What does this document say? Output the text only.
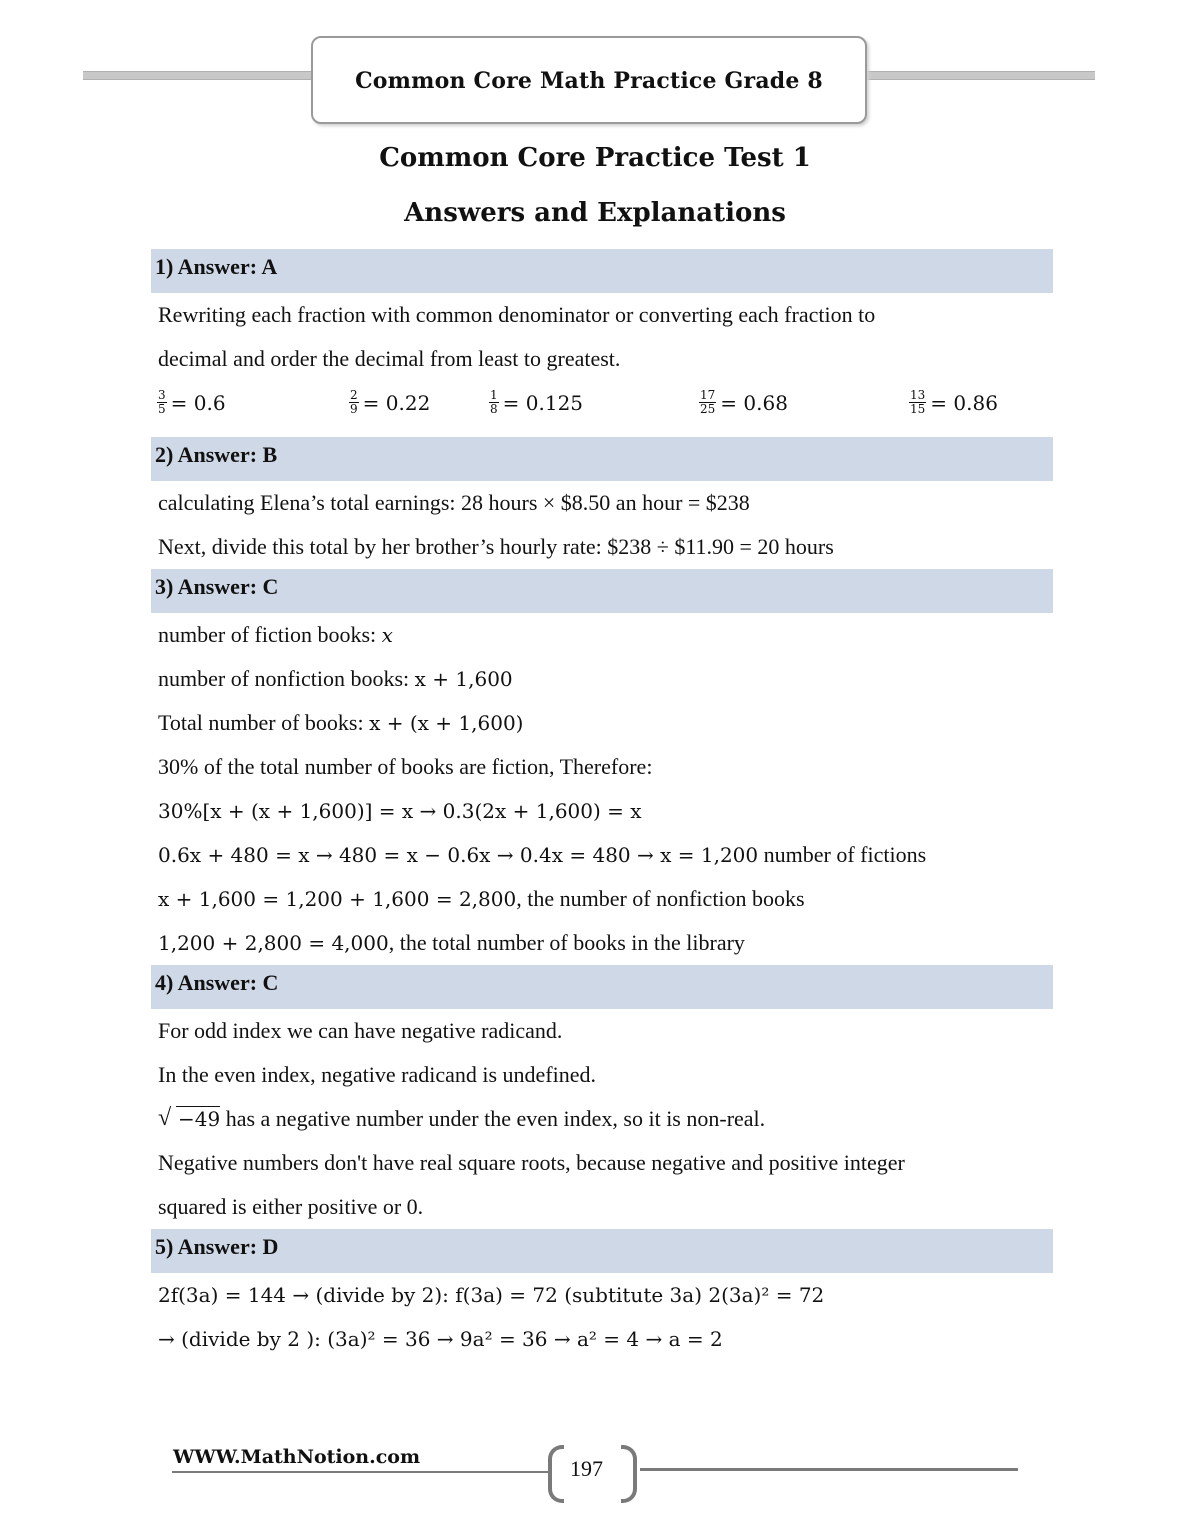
Common Core Math Practice Grade 8
Common Core Practice Test 1
Answers and Explanations
1) Answer: A
Rewriting each fraction with common denominator or converting each fraction to
decimal and order the decimal from least to greatest.
$\frac{3}{5} = 0.6$	$\frac{2}{9} = 0.22$	$\frac{1}{8} = 0.125$	$\frac{17}{25} = 0.68$	$\frac{13}{15} = 0.86$
2) Answer: B
calculating Elena’s total earnings: 28 hours × $8.50 an hour = $238
Next, divide this total by her brother’s hourly rate: $238 ÷ $11.90 = 20 hours
3) Answer: C
number of fiction books: x
number of nonfiction books: x + 1,600
Total number of books: x + (x + 1,600)
30% of the total number of books are fiction, Therefore:
30%[x + (x + 1,600)] = x → 0.3(2x + 1,600) = x
0.6x + 480 = x → 480 = x − 0.6x → 0.4x = 480 → x = 1,200 number of fictions
x + 1,600 = 1,200 + 1,600 = 2,800, the number of nonfiction books
1,200 + 2,800 = 4,000, the total number of books in the library
4) Answer: C
For odd index we can have negative radicand.
In the even index, negative radicand is undefined.
√ −49 has a negative number under the even index, so it is non-real.
Negative numbers don't have real square roots, because negative and positive integer
squared is either positive or 0.
5) Answer: D
2f(3a) = 144 → (divide by 2): f(3a) = 72 (subtitute 3a) 2(3a)² = 72
→ (divide by 2 ): (3a)² = 36 → 9a² = 36 → a² = 4 → a = 2
WWW.MathNotion.com	197
